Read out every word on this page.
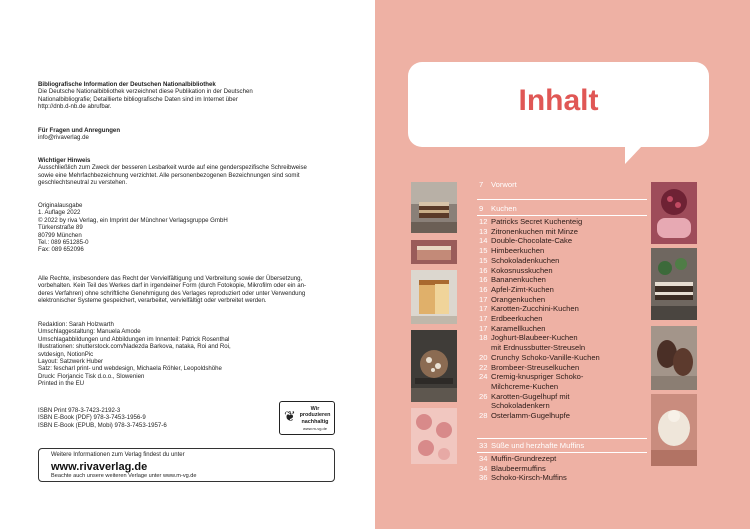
Bibliografische Information der Deutschen Nationalbibliothek

Die Deutsche Nationalbibliothek verzeichnet diese Publikation in der Deutschen

Nationalbibliografie; Detaillierte bibliografische Daten sind im Internet über

http://dnb.d-nb.de abrufbar.

Für Fragen und Anregungen

info@rivaverlag.de

Wichtiger Hinweis

Ausschließlich zum Zweck der besseren Lesbarkeit wurde auf eine genderspezifische Schreibweise

sowie eine Mehrfachbezeichnung verzichtet. Alle personenbezogenen Bezeichnungen sind somit

geschlechtsneutral zu verstehen.

Originalausgabe

1. Auflage 2022

© 2022 by riva Verlag, ein Imprint der Münchner Verlagsgruppe GmbH

Türkenstraße 89

80799 München

Tel.: 089 651285-0

Fax: 089 652096

Alle Rechte, insbesondere das Recht der Vervielfältigung und Verbreitung sowie der Übersetzung,

vorbehalten. Kein Teil des Werkes darf in irgendeiner Form (durch Fotokopie, Mikrofilm oder ein an-

deres Verfahren) ohne schriftliche Genehmigung des Verlages reproduziert oder unter Verwendung

elektronischer Systeme gespeichert, verarbeitet, vervielfältigt oder verbreitet werden.

Redaktion: Sarah Holzwarth

Umschlaggestaltung: Manuela Amode

Umschlagabbildungen und Abbildungen im Innenteil: Patrick Rosenthal

Illustrationen: shutterstock.com/Nadezda Barkova, nataka, Roi and Roi,

svtdesign, NotionPic

Layout: Satzwerk Huber

Satz: fescharl print- und webdesign, Michaela Röhler, Leopoldshöhe

Druck: Florjancic Tisk d.o.o., Slowenien

Printed in the EU

ISBN Print 978-3-7423-2192-3

ISBN E-Book (PDF) 978-3-7453-1956-9

ISBN E-Book (EPUB, Mobi) 978-3-7453-1957-6

❦	Wir produzieren nachhaltig
www.m-vg.de
Weitere Informationen zum Verlag findest du unter
www.rivaverlag.de
Beachte auch unsere weiteren Verlage unter www.m-vg.de
Inhalt
7 Vorwort
9 Kuchen
12 Patricks Secret Kuchenteig
13 Zitronenkuchen mit Minze
14 Double-Chocolate-Cake
15 Himbeerkuchen
15 Schokoladenkuchen
16 Kokosnusskuchen
16 Bananenkuchen
16 Apfel-Zimt-Kuchen
17 Orangenkuchen
17 Karotten-Zucchini-Kuchen
17 Erdbeerkuchen
17 Karamellkuchen
18 Joghurt-Blaubeer-Kuchen
mit Erdnussbutter-Streuseln
20 Crunchy Schoko-Vanille-Kuchen
22 Brombeer-Streuselkuchen
24 Cremig-knuspriger Schoko-
Milchcreme-Kuchen
26 Karotten-Gugelhupf mit
Schokoladenkern
28 Osterlamm-Gugelhupfe
33 Süße und herzhafte Muffins
34 Muffin-Grundrezept
34 Blaubeermuffins
36 Schoko-Kirsch-Muffins
